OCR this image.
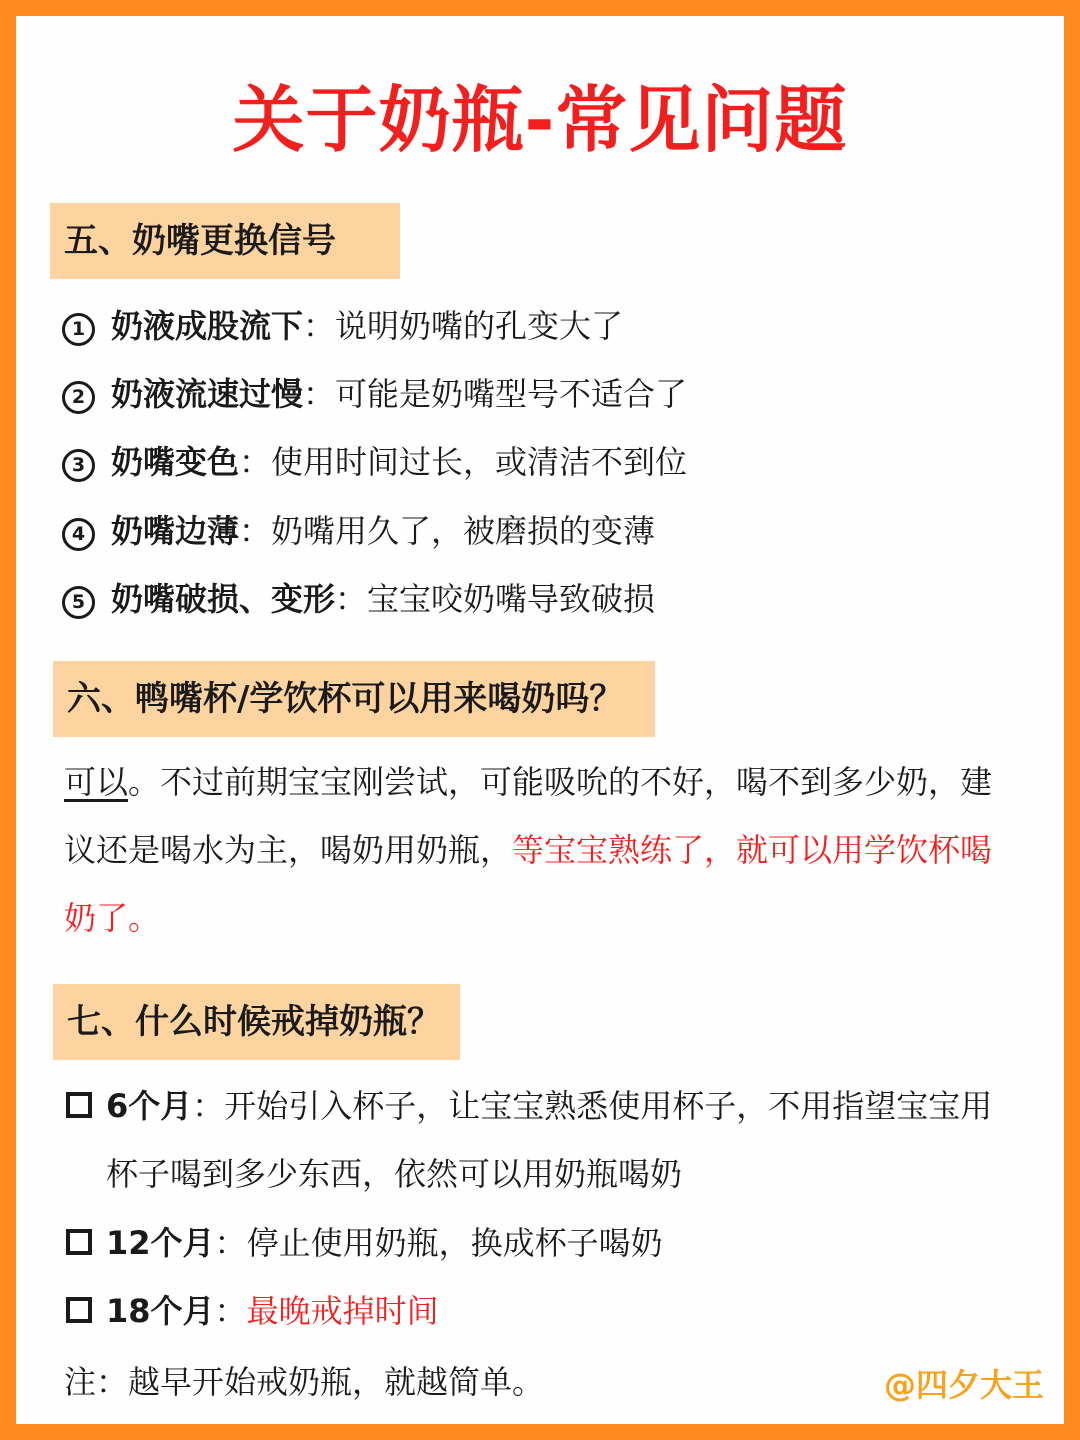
关于奶瓶-常见问题
五、奶嘴更换信号
1 奶液成股流下：说明奶嘴的孔变大了
2 奶液流速过慢：可能是奶嘴型号不适合了
3 奶嘴变色：使用时间过长，或清洁不到位
4 奶嘴边薄：奶嘴用久了，被磨损的变薄
5 奶嘴破损、变形：宝宝咬奶嘴导致破损
六、鸭嘴杯/学饮杯可以用来喝奶吗？
可以。不过前期宝宝刚尝试，可能吸吮的不好，喝不到多少奶，建
议还是喝水为主，喝奶用奶瓶，等宝宝熟练了，就可以用学饮杯喝
奶了。
七、什么时候戒掉奶瓶？
6个月：开始引入杯子，让宝宝熟悉使用杯子，不用指望宝宝用
杯子喝到多少东西，依然可以用奶瓶喝奶
12个月：停止使用奶瓶，换成杯子喝奶
18个月：最晚戒掉时间
注：越早开始戒奶瓶，就越简单。	@四夕大王
